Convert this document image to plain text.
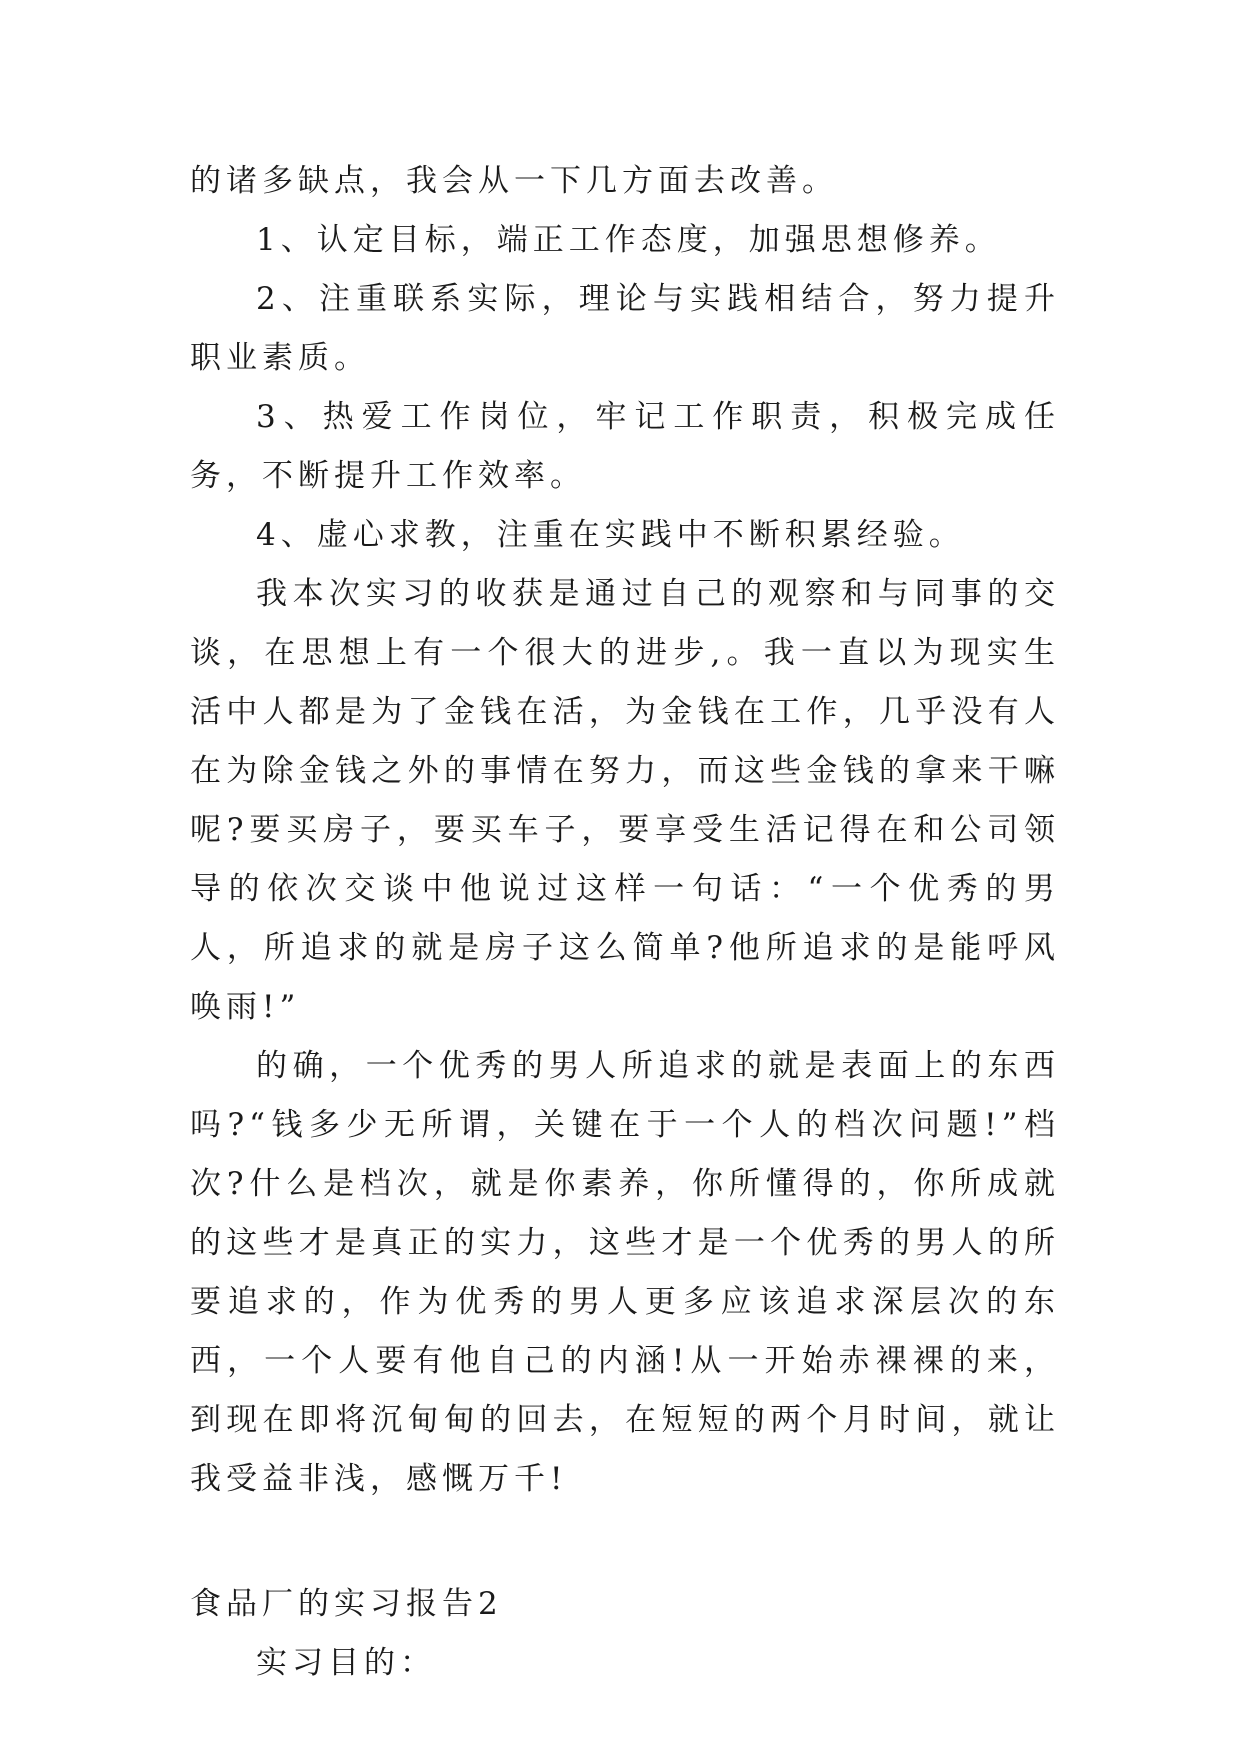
的诸多缺点，我会从一下几方面去改善。

1、认定目标，端正工作态度，加强思想修养。

2、注重联系实际，理论与实践相结合，努力提升职业素质。

3、热爱工作岗位，牢记工作职责，积极完成任务，不断提升工作效率。

4、虚心求教，注重在实践中不断积累经验。

我本次实习的收获是通过自己的观察和与同事的交谈，在思想上有一个很大的进步,。我一直以为现实生活中人都是为了金钱在活，为金钱在工作，几乎没有人在为除金钱之外的事情在努力，而这些金钱的拿来干嘛呢?要买房子，要买车子，要享受生活记得在和公司领导的依次交谈中他说过这样一句话：“一个优秀的男人，所追求的就是房子这么简单?他所追求的是能呼风唤雨!”

的确，一个优秀的男人所追求的就是表面上的东西吗?“钱多少无所谓，关键在于一个人的档次问题!”档次?什么是档次，就是你素养，你所懂得的，你所成就的这些才是真正的实力，这些才是一个优秀的男人的所要追求的，作为优秀的男人更多应该追求深层次的东西，一个人要有他自己的内涵!从一开始赤裸裸的来，到现在即将沉甸甸的回去，在短短的两个月时间，就让我受益非浅，感慨万千!

食品厂的实习报告2

实习目的：
